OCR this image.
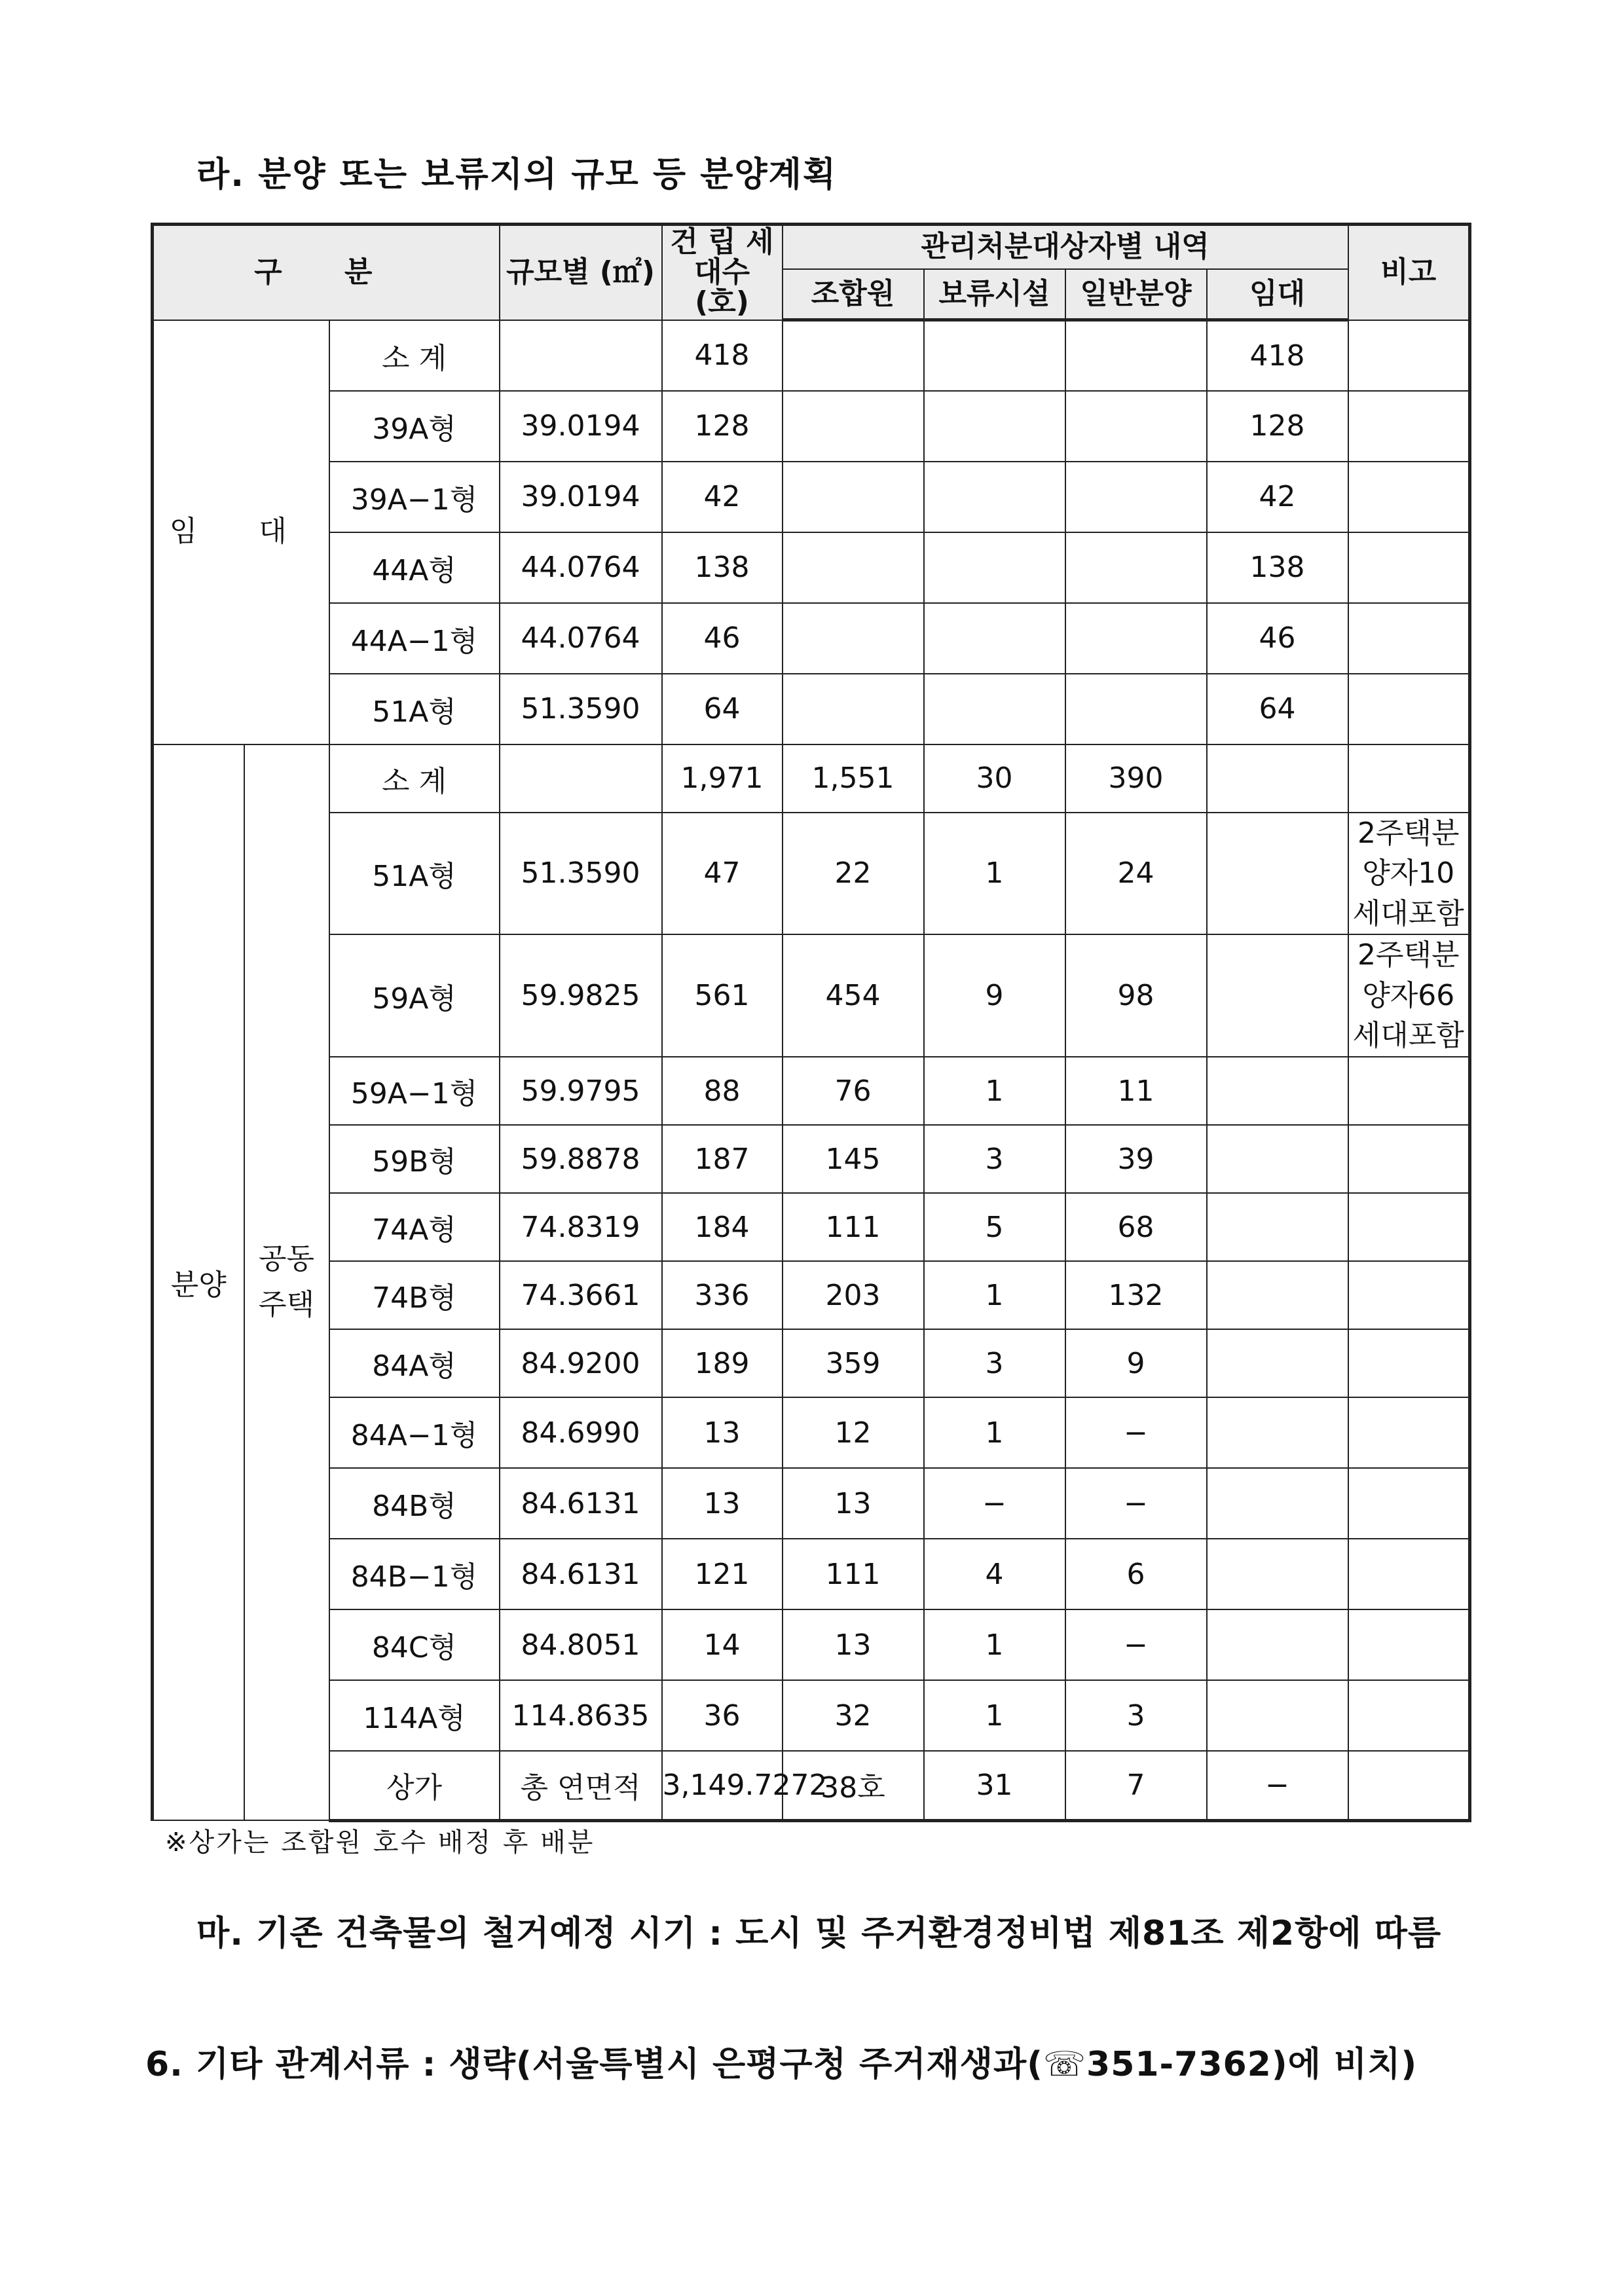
라. 분양 또는 보류지의 규모 등 분양계획
구 분			규모별 (㎡)	건 립 세대수 (호)	관리처분대상자별 내역				비고	
					조합원	보류시설	일반분양	임대		
임 대		소 계		418				418		
		39A형	39.0194	128				128		
		39A−1형	39.0194	42				42		
		44A형	44.0764	138				138		
		44A−1형	44.0764	46				46		
		51A형	51.3590	64				64		
분양	공동 주택	소 계		1,971	1,551	30	390			
		51A형	51.3590	47	22	1	24		2주택분양자10세대포함	
		59A형	59.9825	561	454	9	98		2주택분양자66세대포함	
		59A−1형	59.9795	88	76	1	11			
		59B형	59.8878	187	145	3	39			
		74A형	74.8319	184	111	5	68			
		74B형	74.3661	336	203	1	132			
		84A형	84.9200	189	359	3	9			
		84A−1형	84.6990	13	12	1	−			
		84B형	84.6131	13	13	−	−			
		84B−1형	84.6131	121	111	4	6			
		84C형	84.8051	14	13	1	−			
		114A형	114.8635	36	32	1	3			
		상가	총 연면적	3,149.7272	38호	31	7	−		
※상가는 조합원 호수 배정 후 배분
마. 기존 건축물의 철거예정 시기 : 도시 및 주거환경정비법 제81조 제2항에 따름
6. 기타 관계서류 : 생략(서울특별시 은평구청 주거재생과(☏351-7362)에 비치)
